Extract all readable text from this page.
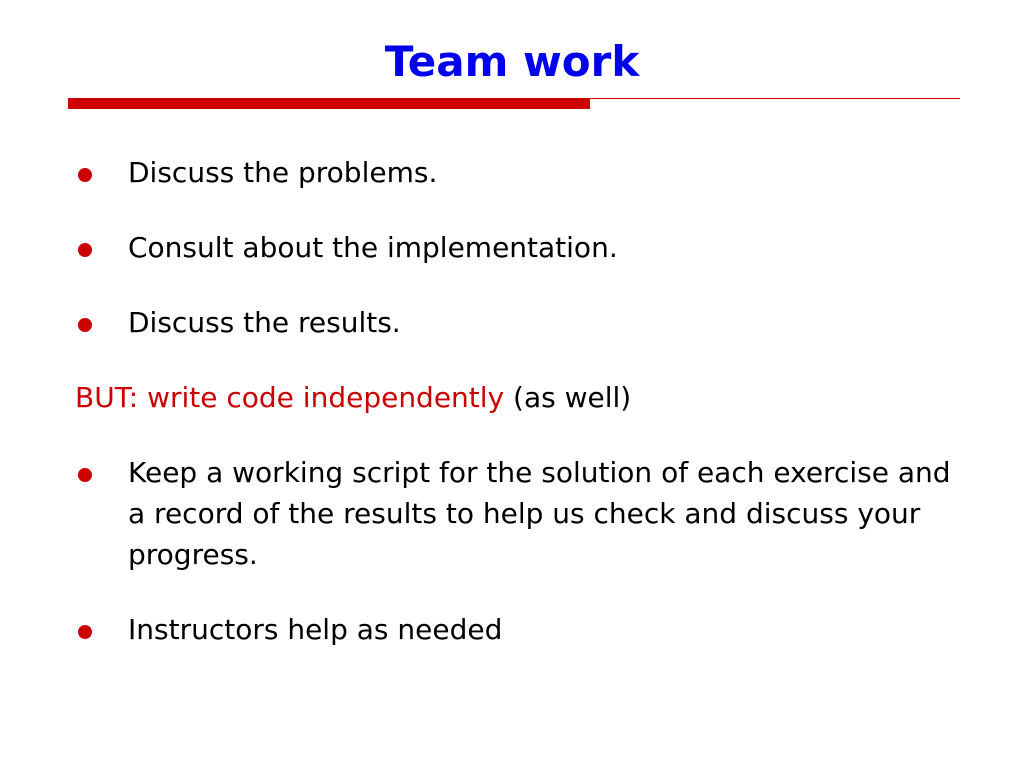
Team work
Discuss the problems.
Consult about the implementation.
Discuss the results.
BUT: write code independently (as well)
Keep a working script for the solution of each exercise and a record of the results to help us check and discuss your progress.
Instructors help as needed
